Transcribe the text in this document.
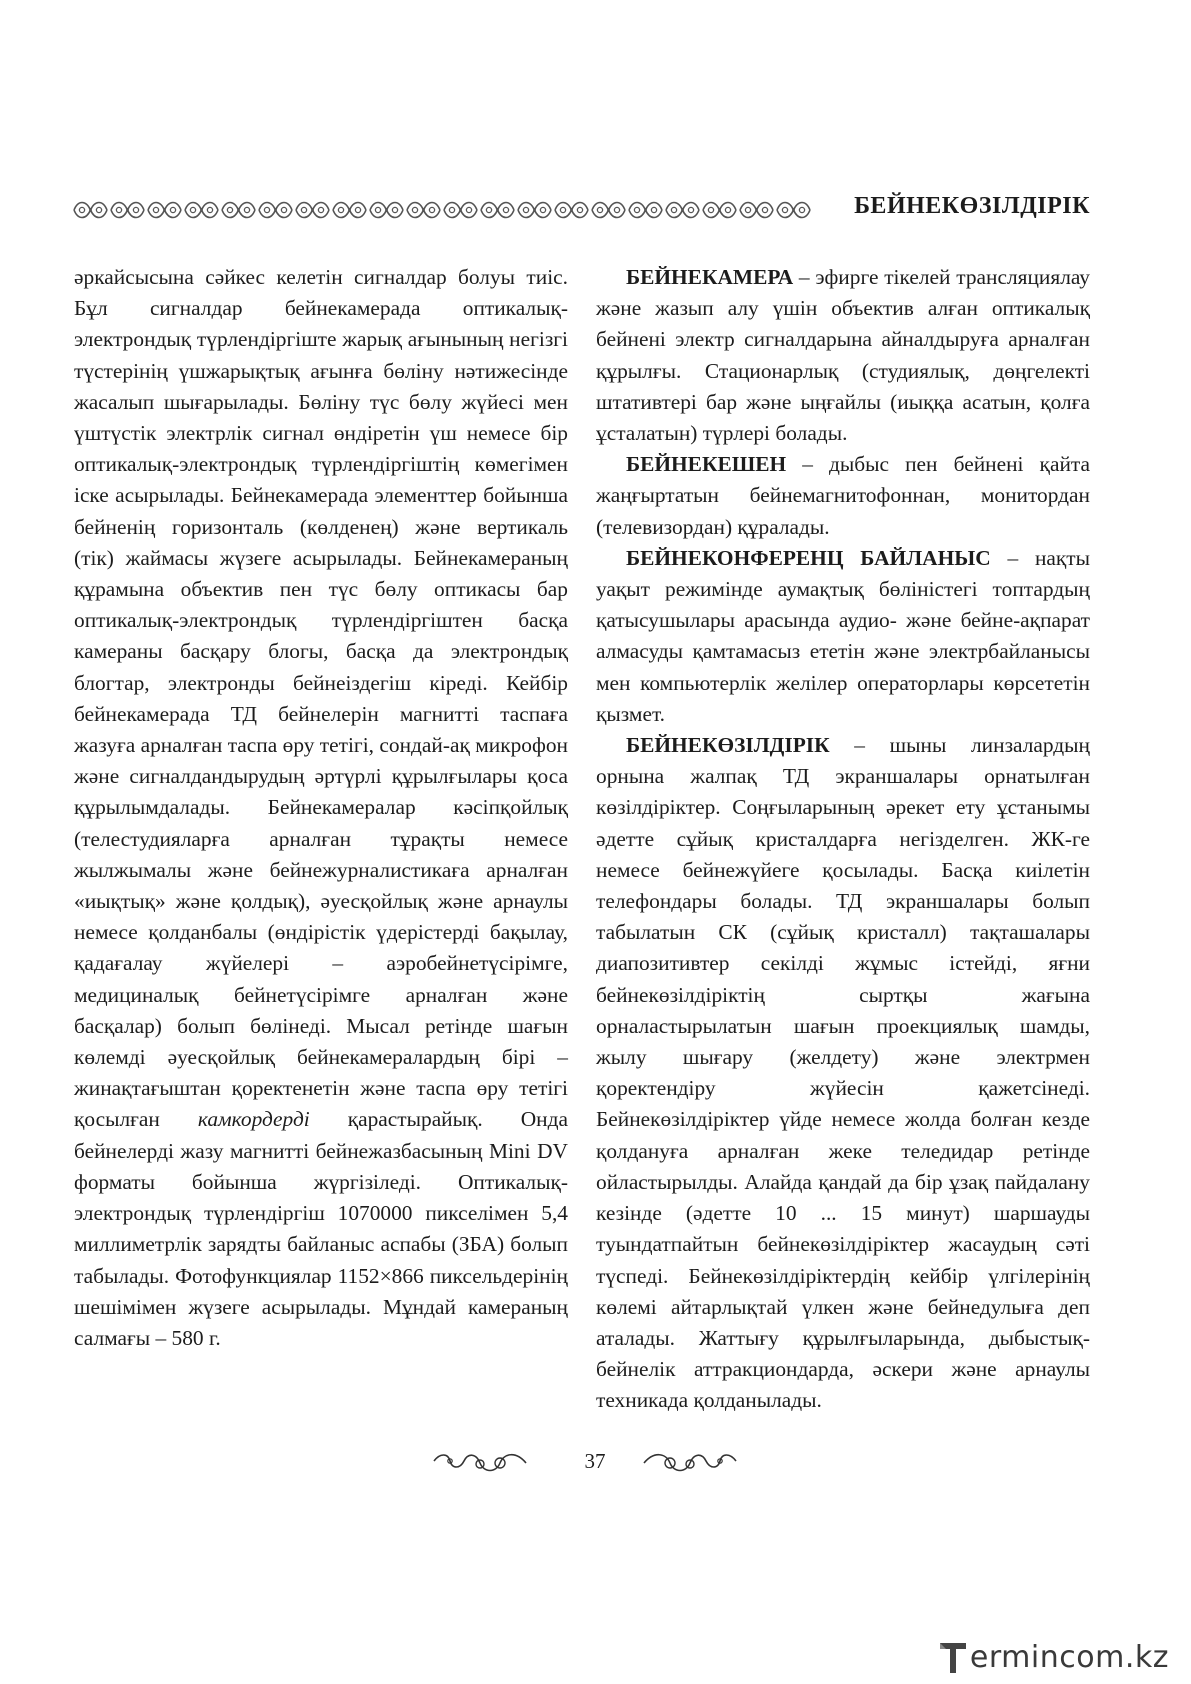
БЕЙНЕКӨЗІЛДІРІК

әркайсысына сәйкес келетін сигналдар болуы тиіс. Бұл сигналдар бейнекамерада оптикалық-электрондық түрлендіргіште жарық ағынының негізгі түстерінің үшжарықтық ағынға бөліну нәтижесінде жасалып шығарылады. Бөліну түс бөлу жүйесі мен үштүстік электрлік сигнал өндіретін үш немесе бір оптикалық-электрондық түрлендіргіштің көмегімен іске асырылады. Бейнекамерада элементтер бойынша бейненің горизонталь (көлденең) және вертикаль (тік) жаймасы жүзеге асырылады. Бейнекамераның құрамына объектив пен түс бөлу оптикасы бар оптикалық-электрондық түрлендіргіштен басқа камераны басқару блогы, басқа да электрондық блогтар, электронды бейнеіздегіш кіреді. Кейбір бейнекамерада ТД бейнелерін магнитті таспаға жазуға арналған таспа өру тетігі, сондай-ақ микрофон және сигналдандырудың әртүрлі құрылғылары қоса құрылымдалады. Бейнекамералар кәсіпқойлық (телестудияларға арналған тұрақты немесе жылжымалы және бейнежурналистикаға арналған «иықтық» және қолдық), әуесқойлық және арнаулы немесе қолданбалы (өндірістік үдерістерді бақылау, қадағалау жүйелері – аэробейнетүсірімге, медициналық бейнетүсірімге арналған және басқалар) болып бөлінеді. Мысал ретінде шағын көлемді әуесқойлық бейнекамералардың бірі – жинақтағыштан қоректенетін және таспа өру тетігі қосылған камкордерді қарастырайық. Онда бейнелерді жазу магнитті бейнежазбасының Mini DV форматы бойынша жүргізіледі. Оптикалық-электрондық түрлендіргіш 1070000 пикселімен 5,4 миллиметрлік зарядты байланыс аспабы (ЗБА) болып табылады. Фотофункциялар 1152×866 пиксельдерінің шешімімен жүзеге асырылады. Мұндай камераның салмағы – 580 г.

БЕЙНЕКАМЕРА – эфирге тікелей трансляциялау және жазып алу үшін объектив алған оптикалық бейнені электр сигналдарына айналдыруға арналған құрылғы. Стационарлық (студиялық, дөңгелекті штативтері бар және ыңғайлы (иыққа асатын, қолға ұсталатын) түрлері болады.

БЕЙНЕКЕШЕН – дыбыс пен бейнені қайта жаңғыртатын бейнемагнитофоннан, монитордан (телевизордан) құралады.

БЕЙНЕКОНФЕРЕНЦ БАЙЛАНЫС – нақты уақыт режимінде аумақтық бөліністегі топтардың қатысушылары арасында аудио- және бейне-ақпарат алмасуды қамтамасыз ететін және электрбайланысы мен компьютерлік желілер операторлары көрсететін қызмет.

БЕЙНЕКӨЗІЛДІРІК – шыны линзалардың орнына жалпақ ТД экраншалары орнатылған көзілдіріктер. Соңғыларының әрекет ету ұстанымы әдетте сұйық кристалдарға негізделген. ЖК-ге немесе бейнежүйеге қосылады. Басқа киілетін телефондары болады. ТД экраншалары болып табылатын СК (сұйық кристалл) тақташалары диапозитивтер секілді жұмыс істейді, яғни бейнекөзілдіріктің сыртқы жағына орналастырылатын шағын проекциялық шамды, жылу шығару (желдету) және электрмен қоректендіру жүйесін қажетсінеді. Бейнекөзілдіріктер үйде немесе жолда болған кезде қолдануға арналған жеке теледидар ретінде ойластырылды. Алайда қандай да бір ұзақ пайдалану кезінде (әдетте 10 ... 15 минут) шаршауды туындатпайтын бейнекөзілдіріктер жасаудың сәті түспеді. Бейнекөзілдіріктердің кейбір үлгілерінің көлемі айтарлықтай үлкен және бейнедулыға деп аталады. Жаттығу құрылғыларында, дыбыстық-бейнелік аттракциондарда, әскери және арнаулы техникада қолданылады.

37
ermincom .kz
